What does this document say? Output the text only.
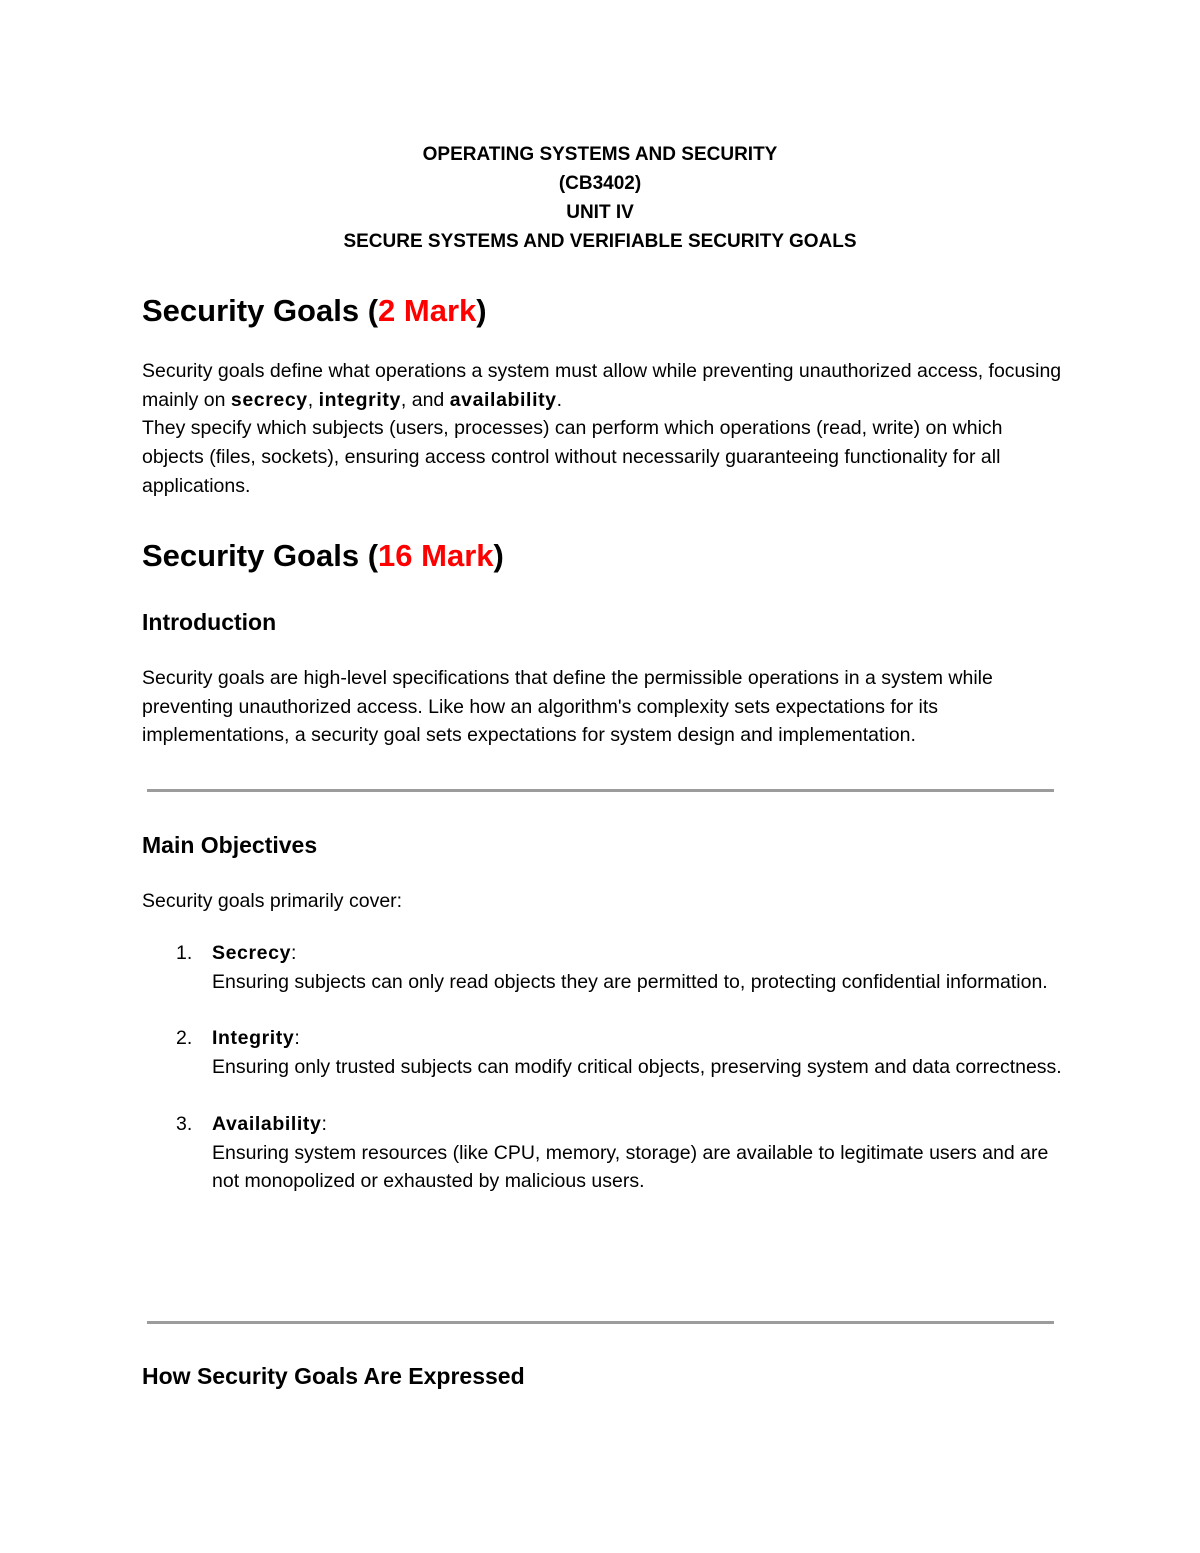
OPERATING SYSTEMS AND SECURITY
(CB3402)
UNIT IV
SECURE SYSTEMS AND VERIFIABLE SECURITY GOALS
Security Goals (2 Mark)

Security goals define what operations a system must allow while preventing unauthorized access, focusing mainly on secrecy, integrity, and availability.
They specify which subjects (users, processes) can perform which operations (read, write) on which objects (files, sockets), ensuring access control without necessarily guaranteeing functionality for all applications.

Security Goals (16 Mark)
Introduction

Security goals are high-level specifications that define the permissible operations in a system while preventing unauthorized access. Like how an algorithm's complexity sets expectations for its implementations, a security goal sets expectations for system design and implementation.

Main Objectives

Security goals primarily cover:

1. Secrecy:
Ensuring subjects can only read objects they are permitted to, protecting confidential information.
2. Integrity:
Ensuring only trusted subjects can modify critical objects, preserving system and data correctness.
3. Availability:
Ensuring system resources (like CPU, memory, storage) are available to legitimate users and are not monopolized or exhausted by malicious users.
How Security Goals Are Expressed
